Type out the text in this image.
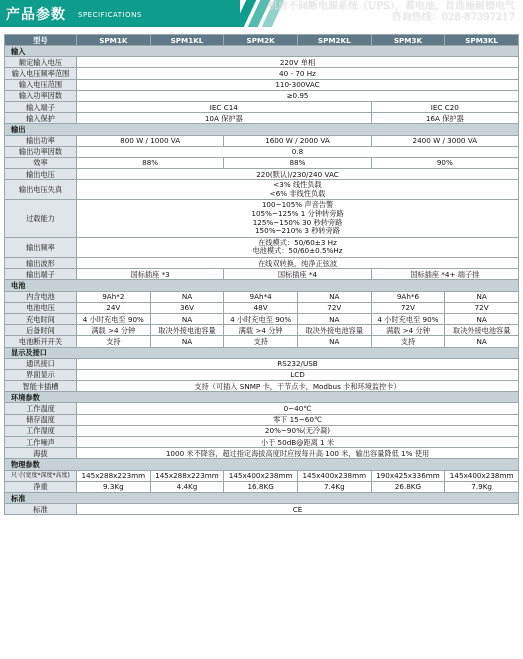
产品参数 SPECIFICATIONS
机房不间断电源系统（UPS），蓄电池，首选施耐德电气
咨询热线：028-87397217
型号	SPM1K	SPM1KL	SPM2K	SPM2KL	SPM3K	SPM3KL
输入						
额定输入电压	220V 单相					
输入电压频率范围	40 - 70 Hz					
输入电压范围	110-300VAC					
输入功率因数	≥0.95					
输入端子	IEC C14				IEC C20	
输入保护	10A 保护器				16A 保护器	
输出						
输出功率	800 W / 1000 VA		1600 W / 2000 VA		2400 W / 3000 VA	
输出功率因数	0.8					
效率	88%		88%		90%	
输出电压	220(默认)/230/240 VAC					
输出电压失真	<3% 线性负载
<6% 非线性负载					

过载能力	100~105% 声音告警
105%~125% 1 分钟转旁路
125%~150% 30 秒转旁路
150%~210% 3 秒转旁路					

输出频率	在线模式：50/60±3 Hz
电池模式：50/60±0.5%Hz					

输出波形	在线双转换，纯净正弦波					
输出端子	国标插座 *3		国标插座 *4		国标插座 *4+ 端子排	
电池						
内含电池	9Ah*2	NA	9Ah*4	NA	9Ah*6	NA
电池电压	24V	36V	48V	72V	72V	72V
充电时间	4 小时充电至 90%	NA	4 小时充电至 90%	NA	4 小时充电至 90%	NA
后备时间	满载 >4 分钟	取决外接电池容量	满载 >4 分钟	取决外接电池容量	满载 >4 分钟	取决外接电池容量
电池断开开关	支持	NA	支持	NA	支持	NA
显示及接口						
通讯接口	RS232/USB					
界面显示	LCD					
智能卡插槽	支持（可插入 SNMP 卡，干节点卡，Modbus 卡和环境监控卡）					
环境参数						
工作温度	0~40℃					
储存温度	零下 15~60℃					
工作湿度	20%~90%(无冷凝)					
工作噪声	小于 50dB@距离 1 米					
海拔	1000 米不降容，超过指定海拔高度时应按每升高 100 米，输出容量降低 1% 使用					
物理参数						
尺寸(宽度*深度*高度)	145x288x223mm	145x288x223mm	145x400x238mm	145x400x238mm	190x425x336mm	145x400x238mm
净重	9.3Kg	4.4Kg	16.8KG	7.4Kg	26.8KG	7.9Kg
标准						
标准	CE					
